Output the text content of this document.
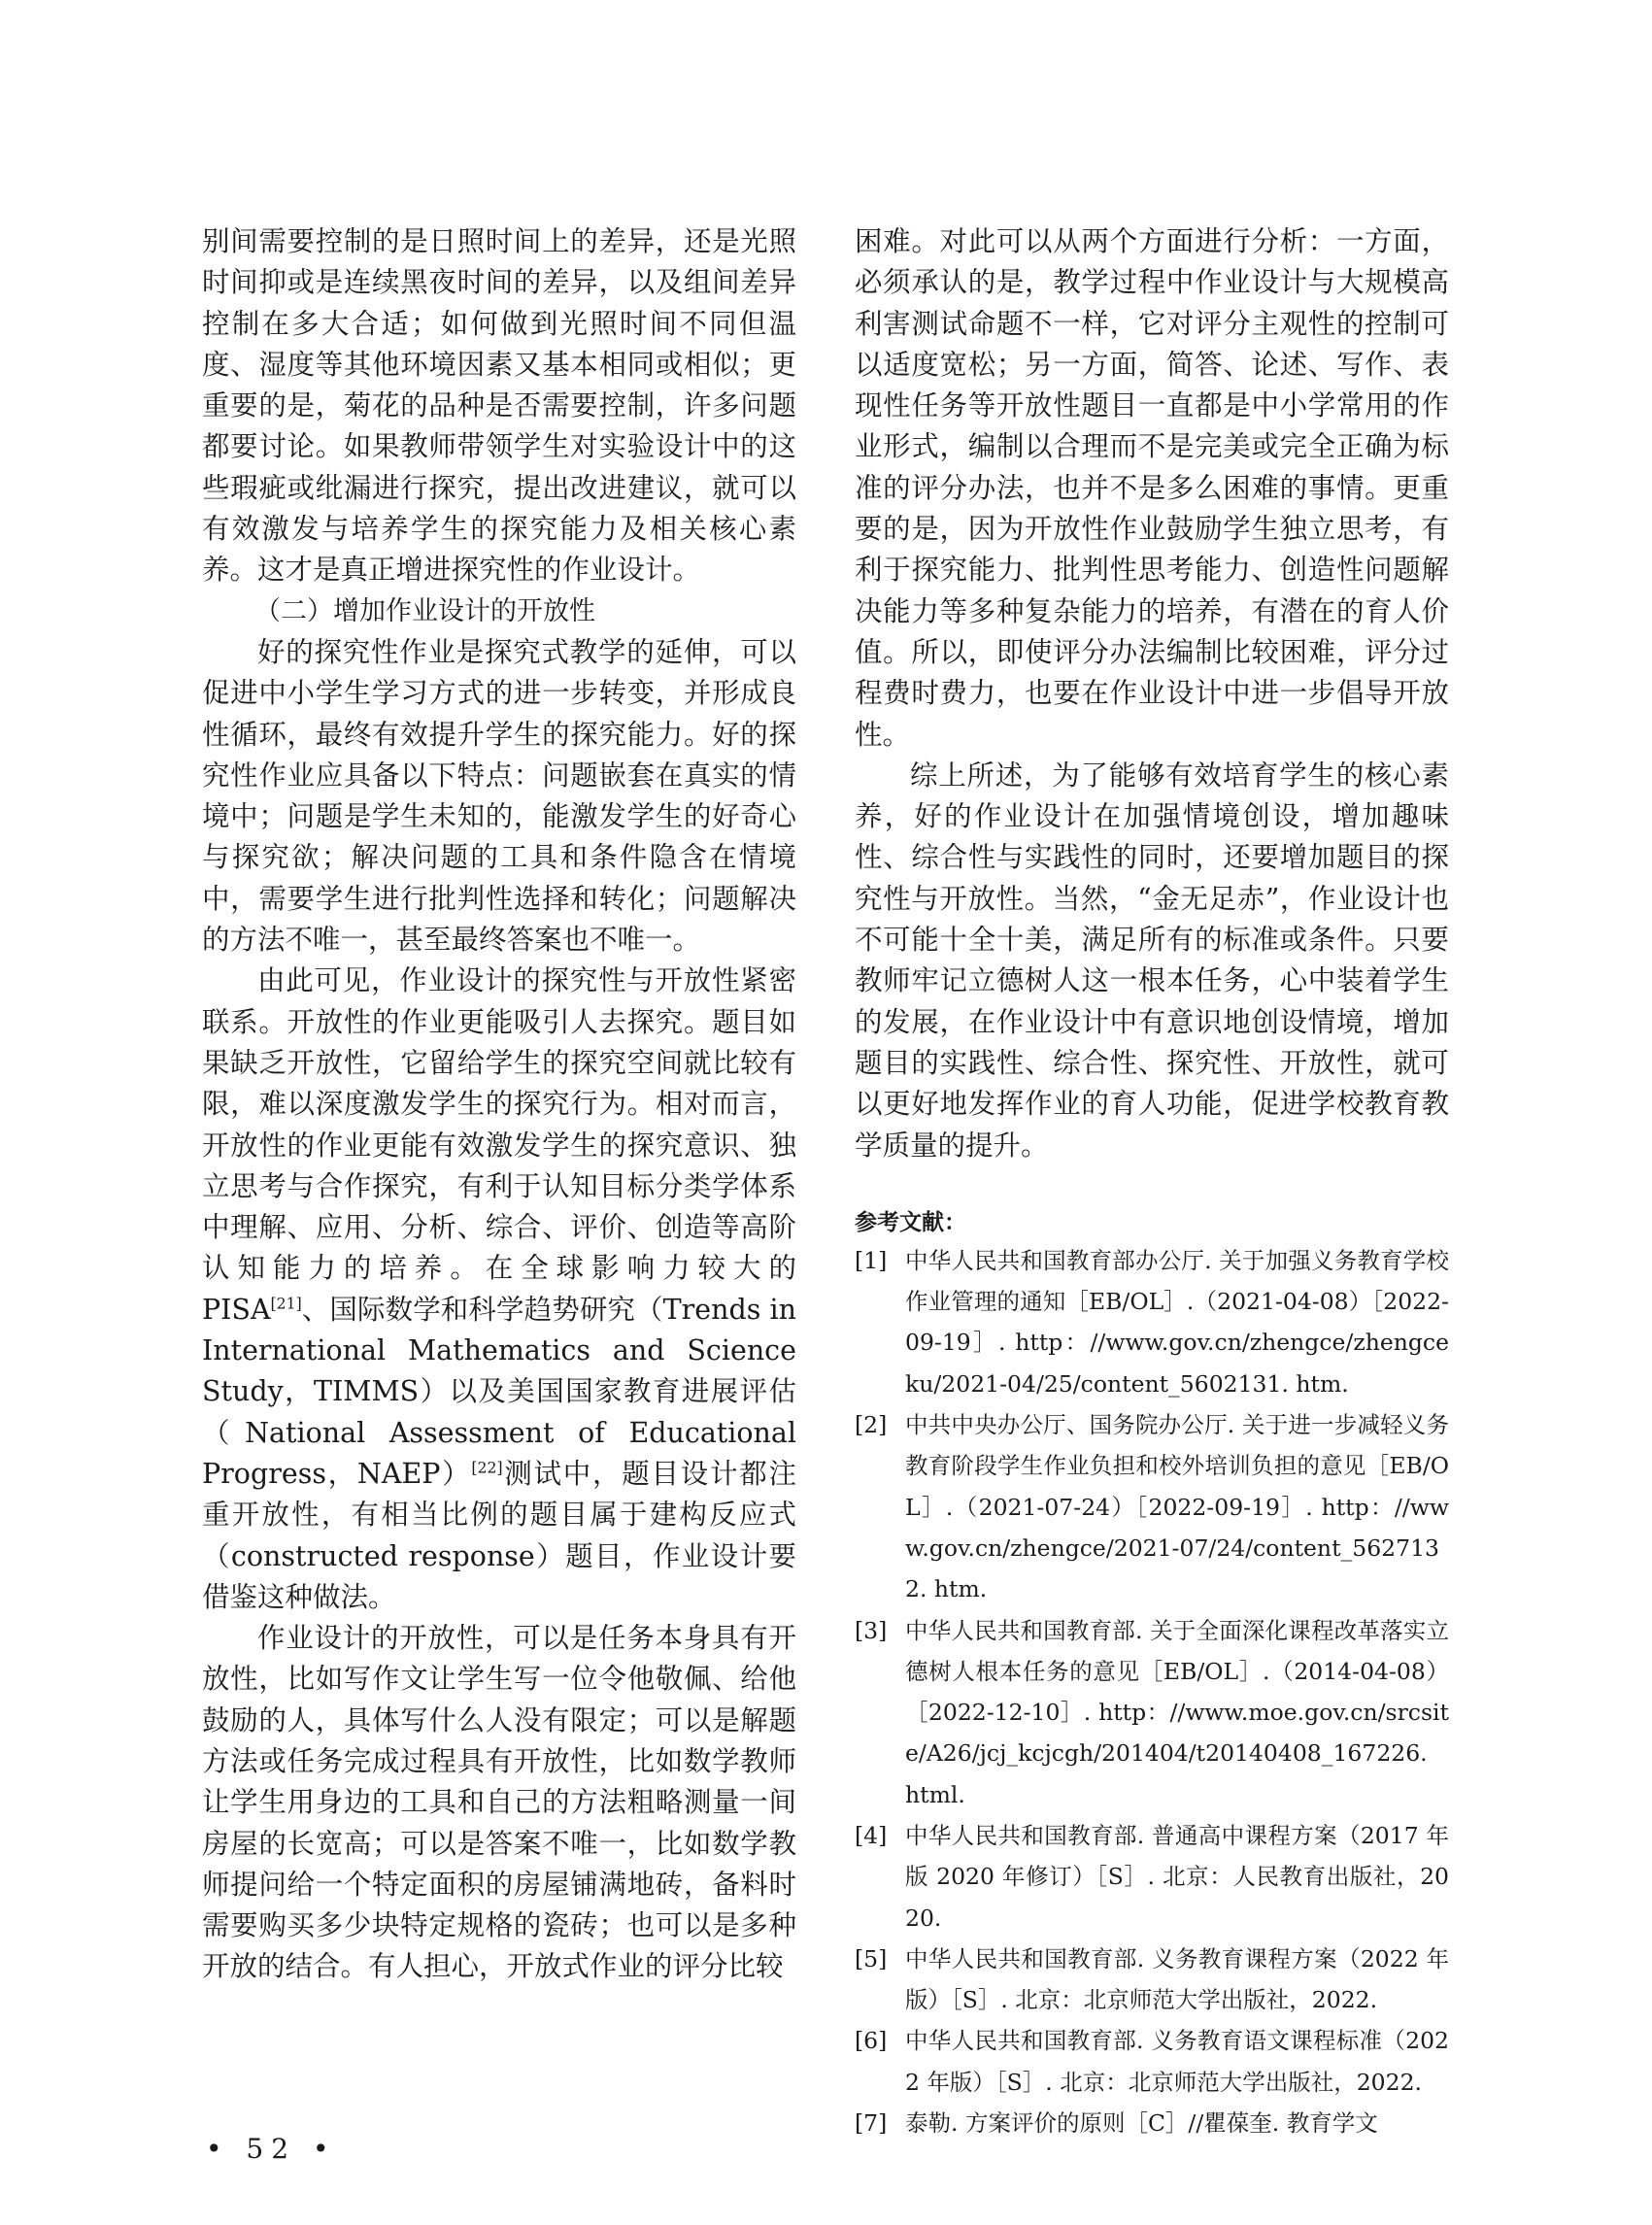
别间需要控制的是日照时间上的差异，还是光照时间抑或是连续黑夜时间的差异，以及组间差异控制在多大合适；如何做到光照时间不同但温度、湿度等其他环境因素又基本相同或相似；更重要的是，菊花的品种是否需要控制，许多问题都要讨论。如果教师带领学生对实验设计中的这些瑕疵或纰漏进行探究，提出改进建议，就可以有效激发与培养学生的探究能力及相关核心素养。这才是真正增进探究性的作业设计。

（二）增加作业设计的开放性

好的探究性作业是探究式教学的延伸，可以促进中小学生学习方式的进一步转变，并形成良性循环，最终有效提升学生的探究能力。好的探究性作业应具备以下特点：问题嵌套在真实的情境中；问题是学生未知的，能激发学生的好奇心与探究欲；解决问题的工具和条件隐含在情境中，需要学生进行批判性选择和转化；问题解决的方法不唯一，甚至最终答案也不唯一。

由此可见，作业设计的探究性与开放性紧密联系。开放性的作业更能吸引人去探究。题目如果缺乏开放性，它留给学生的探究空间就比较有限，难以深度激发学生的探究行为。相对而言，开放性的作业更能有效激发学生的探究意识、独立思考与合作探究，有利于认知目标分类学体系中理解、应用、分析、综合、评价、创造等高阶认知能力的培养。在全球影响力较大的PISA[21]、国际数学和科学趋势研究（Trends in International Mathematics and Science Study，TIMMS）以及美国国家教育进展评估（National Assessment of Educational Progress，NAEP）[22]测试中，题目设计都注重开放性，有相当比例的题目属于建构反应式（constructed response）题目，作业设计要借鉴这种做法。

作业设计的开放性，可以是任务本身具有开放性，比如写作文让学生写一位令他敬佩、给他鼓励的人，具体写什么人没有限定；可以是解题方法或任务完成过程具有开放性，比如数学教师让学生用身边的工具和自己的方法粗略测量一间房屋的长宽高；可以是答案不唯一，比如数学教师提问给一个特定面积的房屋铺满地砖，备料时需要购买多少块特定规格的瓷砖；也可以是多种开放的结合。有人担心，开放式作业的评分比较

困难。对此可以从两个方面进行分析：一方面，必须承认的是，教学过程中作业设计与大规模高利害测试命题不一样，它对评分主观性的控制可以适度宽松；另一方面，简答、论述、写作、表现性任务等开放性题目一直都是中小学常用的作业形式，编制以合理而不是完美或完全正确为标准的评分办法，也并不是多么困难的事情。更重要的是，因为开放性作业鼓励学生独立思考，有利于探究能力、批判性思考能力、创造性问题解决能力等多种复杂能力的培养，有潜在的育人价值。所以，即使评分办法编制比较困难，评分过程费时费力，也要在作业设计中进一步倡导开放性。

综上所述，为了能够有效培育学生的核心素养，好的作业设计在加强情境创设，增加趣味性、综合性与实践性的同时，还要增加题目的探究性与开放性。当然，“金无足赤”，作业设计也不可能十全十美，满足所有的标准或条件。只要教师牢记立德树人这一根本任务，心中装着学生的发展，在作业设计中有意识地创设情境，增加题目的实践性、综合性、探究性、开放性，就可以更好地发挥作业的育人功能，促进学校教育教学质量的提升。

参考文献：

[1] 中华人民共和国教育部办公厅. 关于加强义务教育学校作业管理的通知［EB/OL］.（2021-04-08）［2022-09-19］. http：//www.gov.cn/zhengce/zhengceku/2021-04/25/content_5602131. htm.
[2] 中共中央办公厅、国务院办公厅. 关于进一步减轻义务教育阶段学生作业负担和校外培训负担的意见［EB/OL］.（2021-07-24）［2022-09-19］. http：//www.gov.cn/zhengce/2021-07/24/content_5627132. htm.
[3] 中华人民共和国教育部. 关于全面深化课程改革落实立德树人根本任务的意见［EB/OL］.（2014-04-08）［2022-12-10］. http：//www.moe.gov.cn/srcsite/A26/jcj_kcjcgh/201404/t20140408_167226. html.
[4] 中华人民共和国教育部. 普通高中课程方案（2017 年版 2020 年修订）［S］. 北京：人民教育出版社，2020.
[5] 中华人民共和国教育部. 义务教育课程方案（2022 年版）［S］. 北京：北京师范大学出版社，2022.
[6] 中华人民共和国教育部. 义务教育语文课程标准（2022 年版）［S］. 北京：北京师范大学出版社，2022.
[7] 泰勒. 方案评价的原则［C］//瞿葆奎. 教育学文
• 52 •
